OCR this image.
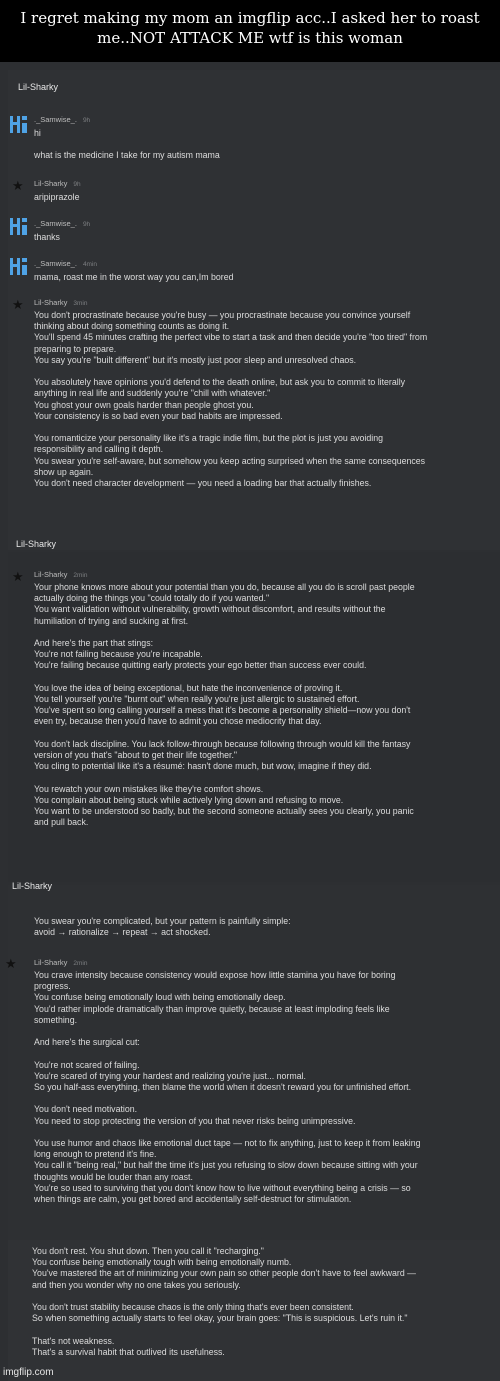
I regret making my mom an imgflip acc..I asked her to roast me..NOT ATTACK ME wtf is this woman
Lil-Sharky
._Samwise_. 9h
hi

what is the medicine I take for my autism mama
★ Lil-Sharky 9h
aripiprazole
._Samwise_. 9h
thanks
._Samwise_. 4min
mama, roast me in the worst way you can,Im bored
★ Lil-Sharky 3min
You don't procrastinate because you're busy — you procrastinate because you convince yourself
thinking about doing something counts as doing it.
You'll spend 45 minutes crafting the perfect vibe to start a task and then decide you're "too tired" from
preparing to prepare.
You say you're "built different" but it's mostly just poor sleep and unresolved chaos.

You absolutely have opinions you'd defend to the death online, but ask you to commit to literally
anything in real life and suddenly you're "chill with whatever."
You ghost your own goals harder than people ghost you.
Your consistency is so bad even your bad habits are impressed.

You romanticize your personality like it's a tragic indie film, but the plot is just you avoiding
responsibility and calling it depth.
You swear you're self-aware, but somehow you keep acting surprised when the same consequences
show up again.
You don't need character development — you need a loading bar that actually finishes.
Lil-Sharky
★ Lil-Sharky 2min
Your phone knows more about your potential than you do, because all you do is scroll past people
actually doing the things you "could totally do if you wanted."
You want validation without vulnerability, growth without discomfort, and results without the
humiliation of trying and sucking at first.

And here's the part that stings:
You're not failing because you're incapable.
You're failing because quitting early protects your ego better than success ever could.

You love the idea of being exceptional, but hate the inconvenience of proving it.
You tell yourself you're "burnt out" when really you're just allergic to sustained effort.
You've spent so long calling yourself a mess that it's become a personality shield—now you don't
even try, because then you'd have to admit you chose mediocrity that day.

You don't lack discipline. You lack follow-through because following through would kill the fantasy
version of you that's "about to get their life together."
You cling to potential like it's a résumé: hasn't done much, but wow, imagine if they did.

You rewatch your own mistakes like they're comfort shows.
You complain about being stuck while actively lying down and refusing to move.
You want to be understood so badly, but the second someone actually sees you clearly, you panic
and pull back.
Lil-Sharky
You swear you're complicated, but your pattern is painfully simple:
avoid → rationalize → repeat → act shocked.
★ Lil-Sharky 2min
You crave intensity because consistency would expose how little stamina you have for boring
progress.
You confuse being emotionally loud with being emotionally deep.
You'd rather implode dramatically than improve quietly, because at least imploding feels like
something.

And here's the surgical cut:

You're not scared of failing.
You're scared of trying your hardest and realizing you're just... normal.
So you half-ass everything, then blame the world when it doesn't reward you for unfinished effort.

You don't need motivation.
You need to stop protecting the version of you that never risks being unimpressive.

You use humor and chaos like emotional duct tape — not to fix anything, just to keep it from leaking
long enough to pretend it's fine.
You call it "being real," but half the time it's just you refusing to slow down because sitting with your
thoughts would be louder than any roast.
You're so used to surviving that you don't know how to live without everything being a crisis — so
when things are calm, you get bored and accidentally self-destruct for stimulation.
You don't rest. You shut down. Then you call it "recharging."
You confuse being emotionally tough with being emotionally numb.
You've mastered the art of minimizing your own pain so other people don't have to feel awkward —
and then you wonder why no one takes you seriously.

You don't trust stability because chaos is the only thing that's ever been consistent.
So when something actually starts to feel okay, your brain goes: "This is suspicious. Let's ruin it."

That's not weakness.
That's a survival habit that outlived its usefulness.
imgflip.com
